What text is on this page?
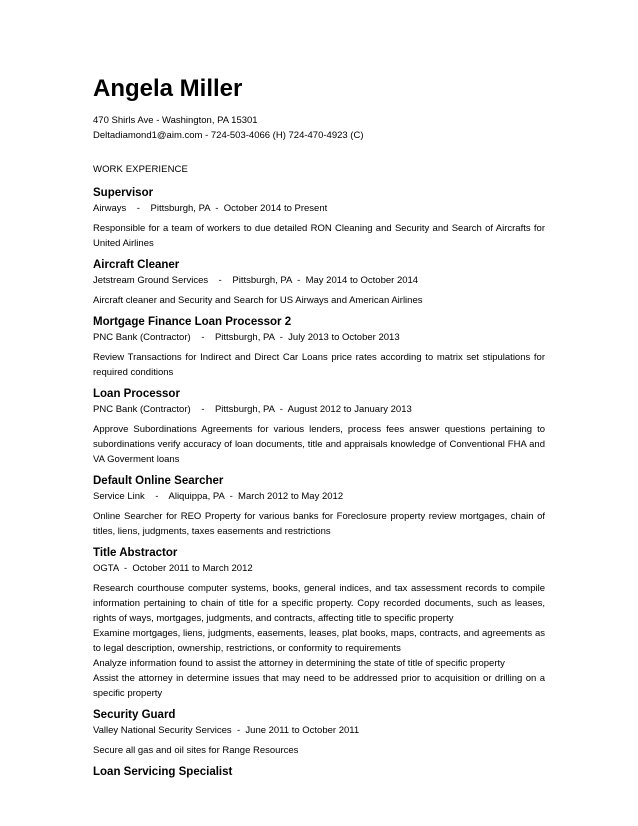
Angela Miller

470 Shirls Ave - Washington, PA 15301

Deltadiamond1@aim.com - 724-503-4066 (H) 724-470-4923 (C)

WORK EXPERIENCE
Supervisor
Airways    -    Pittsburgh, PA  -  October 2014 to Present

Responsible for a team of workers to due detailed RON Cleaning and Security and Search of Aircrafts for United Airlines

Aircraft Cleaner
Jetstream Ground Services    -    Pittsburgh, PA  -  May 2014 to October 2014

Aircraft cleaner and Security and Search for US Airways and American Airlines

Mortgage Finance Loan Processor 2
PNC Bank (Contractor)    -    Pittsburgh, PA  -  July 2013 to October 2013

Review Transactions for Indirect and Direct Car Loans price rates according to matrix set stipulations for required conditions

Loan Processor
PNC Bank (Contractor)    -    Pittsburgh, PA  -  August 2012 to January 2013

Approve Subordinations Agreements for various lenders, process fees answer questions pertaining to subordinations verify accuracy of loan documents, title and appraisals knowledge of Conventional FHA and VA Goverment loans

Default Online Searcher
Service Link    -    Aliquippa, PA  -  March 2012 to May 2012

Online Searcher for REO Property for various banks for Foreclosure property review mortgages, chain of titles, liens, judgments, taxes easements and restrictions

Title Abstractor
OGTA  -  October 2011 to March 2012

Research courthouse computer systems, books, general indices, and tax assessment records to compile information pertaining to chain of title for a specific property. Copy recorded documents, such as leases, rights of ways, mortgages, judgments, and contracts, affecting title to specific property

Examine mortgages, liens, judgments, easements, leases, plat books, maps, contracts, and agreements as to legal description, ownership, restrictions, or conformity to requirements

Analyze information found to assist the attorney in determining the state of title of specific property

Assist the attorney in determine issues that may need to be addressed prior to acquisition or drilling on a specific property

Security Guard
Valley National Security Services  -  June 2011 to October 2011

Secure all gas and oil sites for Range Resources

Loan Servicing Specialist
